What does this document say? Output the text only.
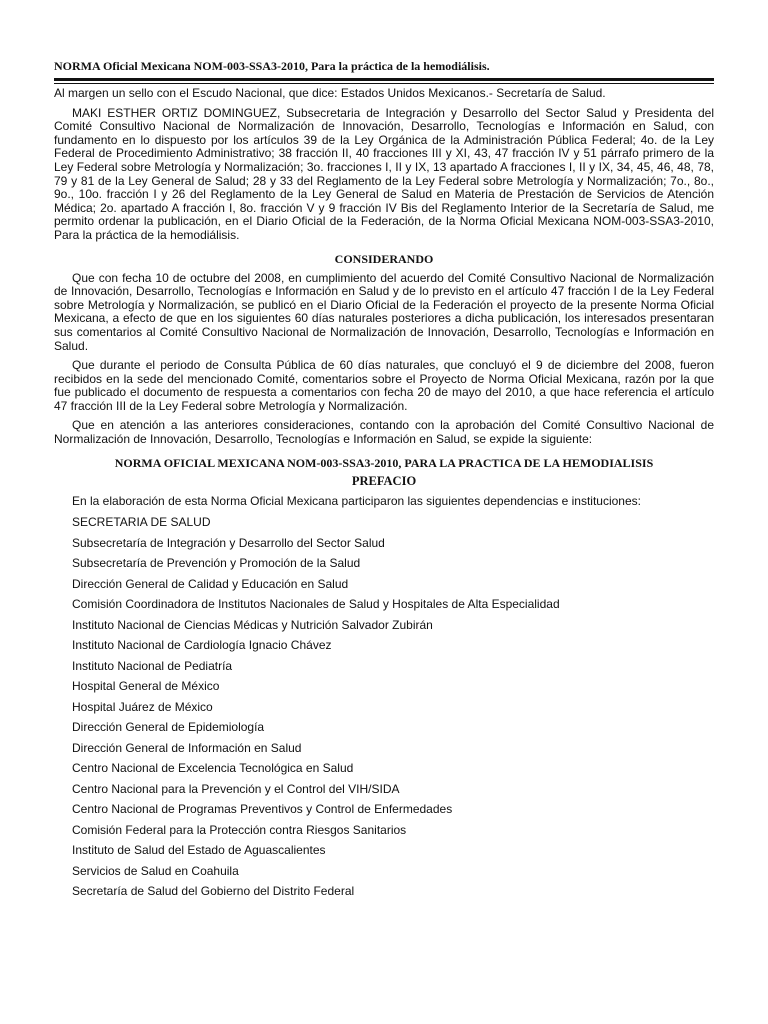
NORMA Oficial Mexicana NOM-003-SSA3-2010, Para la práctica de la hemodiálisis.

Al margen un sello con el Escudo Nacional, que dice: Estados Unidos Mexicanos.- Secretaría de Salud.

MAKI ESTHER ORTIZ DOMINGUEZ, Subsecretaria de Integración y Desarrollo del Sector Salud y Presidenta del Comité Consultivo Nacional de Normalización de Innovación, Desarrollo, Tecnologías e Información en Salud, con fundamento en lo dispuesto por los artículos 39 de la Ley Orgánica de la Administración Pública Federal; 4o. de la Ley Federal de Procedimiento Administrativo; 38 fracción II, 40 fracciones III y XI, 43, 47 fracción IV y 51 párrafo primero de la Ley Federal sobre Metrología y Normalización; 3o. fracciones I, II y IX, 13 apartado A fracciones I, II y IX, 34, 45, 46, 48, 78, 79 y 81 de la Ley General de Salud; 28 y 33 del Reglamento de la Ley Federal sobre Metrología y Normalización; 7o., 8o., 9o., 10o. fracción I y 26 del Reglamento de la Ley General de Salud en Materia de Prestación de Servicios de Atención Médica; 2o. apartado A fracción I, 8o. fracción V y 9 fracción IV Bis del Reglamento Interior de la Secretaría de Salud, me permito ordenar la publicación, en el Diario Oficial de la Federación, de la Norma Oficial Mexicana NOM-003-SSA3-2010, Para la práctica de la hemodiálisis.

CONSIDERANDO

Que con fecha 10 de octubre del 2008, en cumplimiento del acuerdo del Comité Consultivo Nacional de Normalización de Innovación, Desarrollo, Tecnologías e Información en Salud y de lo previsto en el artículo 47 fracción I de la Ley Federal sobre Metrología y Normalización, se publicó en el Diario Oficial de la Federación el proyecto de la presente Norma Oficial Mexicana, a efecto de que en los siguientes 60 días naturales posteriores a dicha publicación, los interesados presentaran sus comentarios al Comité Consultivo Nacional de Normalización de Innovación, Desarrollo, Tecnologías e Información en Salud.

Que durante el periodo de Consulta Pública de 60 días naturales, que concluyó el 9 de diciembre del 2008, fueron recibidos en la sede del mencionado Comité, comentarios sobre el Proyecto de Norma Oficial Mexicana, razón por la que fue publicado el documento de respuesta a comentarios con fecha 20 de mayo del 2010, a que hace referencia el artículo 47 fracción III de la Ley Federal sobre Metrología y Normalización.

Que en atención a las anteriores consideraciones, contando con la aprobación del Comité Consultivo Nacional de Normalización de Innovación, Desarrollo, Tecnologías e Información en Salud, se expide la siguiente:

NORMA OFICIAL MEXICANA NOM-003-SSA3-2010, PARA LA PRACTICA DE LA HEMODIALISIS
PREFACIO

En la elaboración de esta Norma Oficial Mexicana participaron las siguientes dependencias e instituciones:

SECRETARIA DE SALUD
Subsecretaría de Integración y Desarrollo del Sector Salud
Subsecretaría de Prevención y Promoción de la Salud
Dirección General de Calidad y Educación en Salud
Comisión Coordinadora de Institutos Nacionales de Salud y Hospitales de Alta Especialidad
Instituto Nacional de Ciencias Médicas y Nutrición Salvador Zubirán
Instituto Nacional de Cardiología Ignacio Chávez
Instituto Nacional de Pediatría
Hospital General de México
Hospital Juárez de México
Dirección General de Epidemiología
Dirección General de Información en Salud
Centro Nacional de Excelencia Tecnológica en Salud
Centro Nacional para la Prevención y el Control del VIH/SIDA
Centro Nacional de Programas Preventivos y Control de Enfermedades
Comisión Federal para la Protección contra Riesgos Sanitarios
Instituto de Salud del Estado de Aguascalientes
Servicios de Salud en Coahuila
Secretaría de Salud del Gobierno del Distrito Federal
